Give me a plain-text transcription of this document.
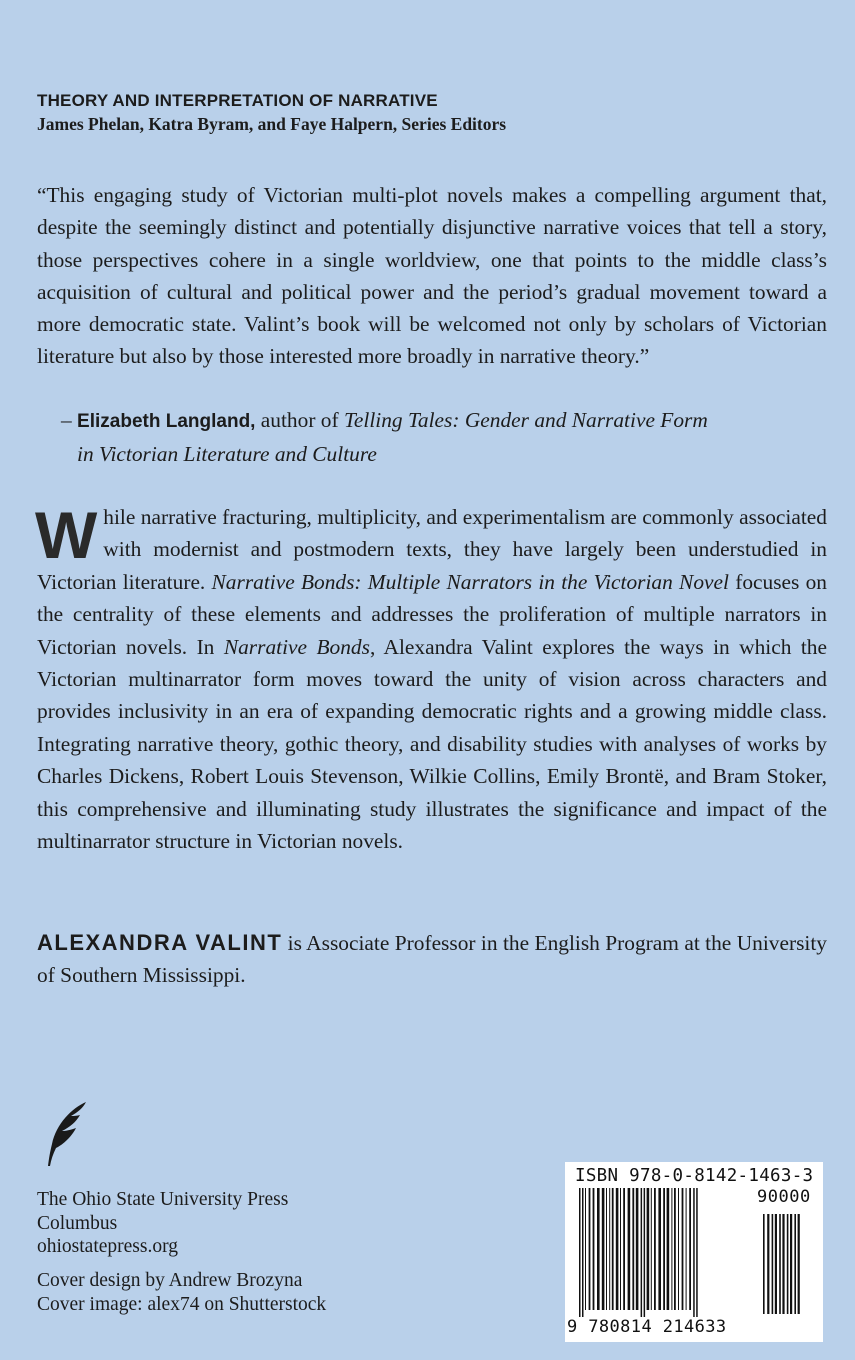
THEORY AND INTERPRETATION OF NARRATIVE
James Phelan, Katra Byram, and Faye Halpern, Series Editors

“This engaging study of Victorian multi-plot novels makes a compelling argument that, despite the seemingly distinct and potentially disjunctive narrative voices that tell a story, those perspectives cohere in a single worldview, one that points to the middle class’s acquisition of cultural and political power and the period’s gradual movement toward a more democratic state. Valint’s book will be welcomed not only by scholars of Victorian literature but also by those interested more broadly in narrative theory.”

– Elizabeth Langland, author of Telling Tales: Gender and Narrative Form
in Victorian Literature and Culture

While narrative fracturing, multiplicity, and experimentalism are commonly associated with modernist and postmodern texts, they have largely been understudied in Victorian literature. Narrative Bonds: Multiple Narrators in the Victorian Novel focuses on the centrality of these elements and addresses the proliferation of multiple narrators in Victorian novels. In Narrative Bonds, Alexandra Valint explores the ways in which the Victorian multinarrator form moves toward the unity of vision across characters and provides inclusivity in an era of expanding democratic rights and a growing middle class. Integrating narrative theory, gothic theory, and disability studies with analyses of works by Charles Dickens, Robert Louis Stevenson, Wilkie Collins, Emily Brontë, and Bram Stoker, this comprehensive and illuminating study illustrates the significance and impact of the multinarrator structure in Victorian novels.

ALEXANDRA VALINT is Associate Professor in the English Program at the University of Southern Mississippi.

The Ohio State University Press
Columbus
ohiostatepress.org
Cover design by Andrew Brozyna
Cover image: alex74 on Shutterstock
ISBN 978-0-8142-1463-3
90000
9 780814 214633
